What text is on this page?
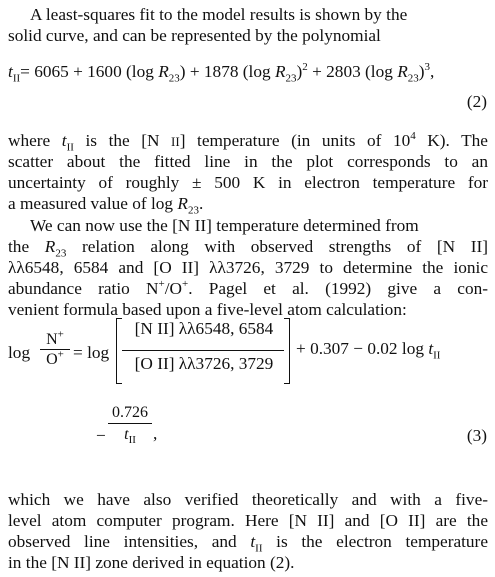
A least-squares fit to the model results is shown by the
solid curve, and can be represented by the polynomial
$t_{II}= 6065 + 1600$ (log $R_{23}) + 1878$ (log $R_{23})^2 + 2803$ (log $R_{23})^3$,
(2)
where $t_{II}$ is the [N II] temperature (in units of $10^4$ K). The
scatter about the fitted line in the plot corresponds to an
uncertainty of roughly ± 500 K in electron temperature for
a measured value of $\log R_{23}$.
We can now use the [N II] temperature determined from
the $R_{23}$ relation along with observed strengths of [N II]
λλ6548, 6584 and [O II] λλ3726, 3729 to determine the ionic
abundance ratio N+/O+. Pagel et al. (1992) give a con-
venient formula based upon a five-level atom calculation:
log
N+
O+ = log
[N II] λλ6548, 6584
[O II] λλ3726, 3729
+ 0.307 − 0.02 $\log t_{II}$
−
0.726
$t_{II}$ ,	(3)
which we have also verified theoretically and with a five-
level atom computer program. Here [N II] and [O II] are the
observed line intensities, and $t_{II}$ is the electron temperature
in the [N II] zone derived in equation (2).
